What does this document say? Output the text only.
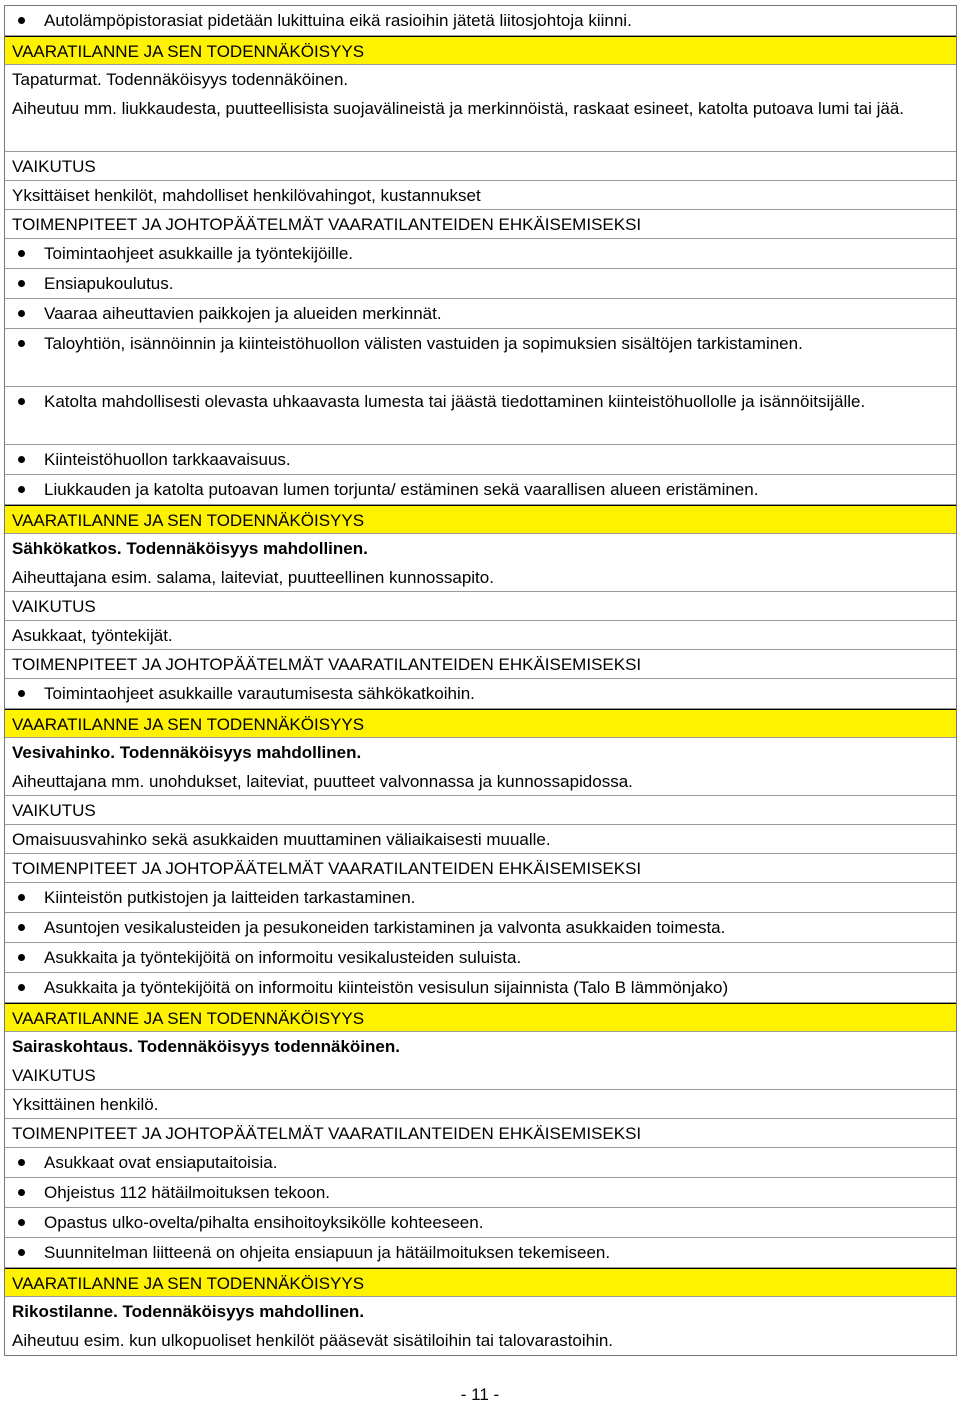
Autolämpöpistorasiat pidetään lukittuina eikä rasioihin jätetä liitosjohtoja kiinni.
VAARATILANNE JA SEN TODENNÄKÖISYYS
Tapaturmat. Todennäköisyys todennäköinen.
Aiheutuu mm. liukkaudesta, puutteellisista suojavälineistä ja merkinnöistä, raskaat esineet, katolta putoava lumi tai jää.
VAIKUTUS
Yksittäiset henkilöt, mahdolliset henkilövahingot, kustannukset
TOIMENPITEET JA JOHTOPÄÄTELMÄT VAARATILANTEIDEN EHKÄISEMISEKSI
Toimintaohjeet asukkaille ja työntekijöille.
Ensiapukoulutus.
Vaaraa aiheuttavien paikkojen ja alueiden merkinnät.
Taloyhtiön, isännöinnin ja kiinteistöhuollon välisten vastuiden ja sopimuksien sisältöjen tarkistaminen.
Katolta mahdollisesti olevasta uhkaavasta lumesta tai jäästä tiedottaminen kiinteistöhuollolle ja isännöitsijälle.
Kiinteistöhuollon tarkkaavaisuus.
Liukkauden ja katolta putoavan lumen torjunta/ estäminen sekä vaarallisen alueen eristäminen.
VAARATILANNE JA SEN TODENNÄKÖISYYS
Sähkökatkos. Todennäköisyys mahdollinen.
Aiheuttajana esim. salama, laiteviat, puutteellinen kunnossapito.
VAIKUTUS
Asukkaat, työntekijät.
TOIMENPITEET JA JOHTOPÄÄTELMÄT VAARATILANTEIDEN EHKÄISEMISEKSI
Toimintaohjeet asukkaille varautumisesta sähkökatkoihin.
VAARATILANNE JA SEN TODENNÄKÖISYYS
Vesivahinko. Todennäköisyys mahdollinen.
Aiheuttajana mm. unohdukset, laiteviat, puutteet valvonnassa ja kunnossapidossa.
VAIKUTUS
Omaisuusvahinko sekä asukkaiden muuttaminen väliaikaisesti muualle.
TOIMENPITEET JA JOHTOPÄÄTELMÄT VAARATILANTEIDEN EHKÄISEMISEKSI
Kiinteistön putkistojen ja laitteiden tarkastaminen.
Asuntojen vesikalusteiden ja pesukoneiden tarkistaminen ja valvonta asukkaiden toimesta.
Asukkaita ja työntekijöitä on informoitu vesikalusteiden suluista.
Asukkaita ja työntekijöitä on informoitu kiinteistön vesisulun sijainnista (Talo B lämmönjako)
VAARATILANNE JA SEN TODENNÄKÖISYYS
Sairaskohtaus. Todennäköisyys todennäköinen.
VAIKUTUS
Yksittäinen henkilö.
TOIMENPITEET JA JOHTOPÄÄTELMÄT VAARATILANTEIDEN EHKÄISEMISEKSI
Asukkaat ovat ensiaputaitoisia.
Ohjeistus 112 hätäilmoituksen tekoon.
Opastus ulko-ovelta/pihalta ensihoitoyksikölle kohteeseen.
Suunnitelman liitteenä on ohjeita ensiapuun ja hätäilmoituksen tekemiseen.
VAARATILANNE JA SEN TODENNÄKÖISYYS
Rikostilanne. Todennäköisyys mahdollinen.
Aiheutuu esim. kun ulkopuoliset henkilöt pääsevät sisätiloihin tai talovarastoihin.
- 11 -
